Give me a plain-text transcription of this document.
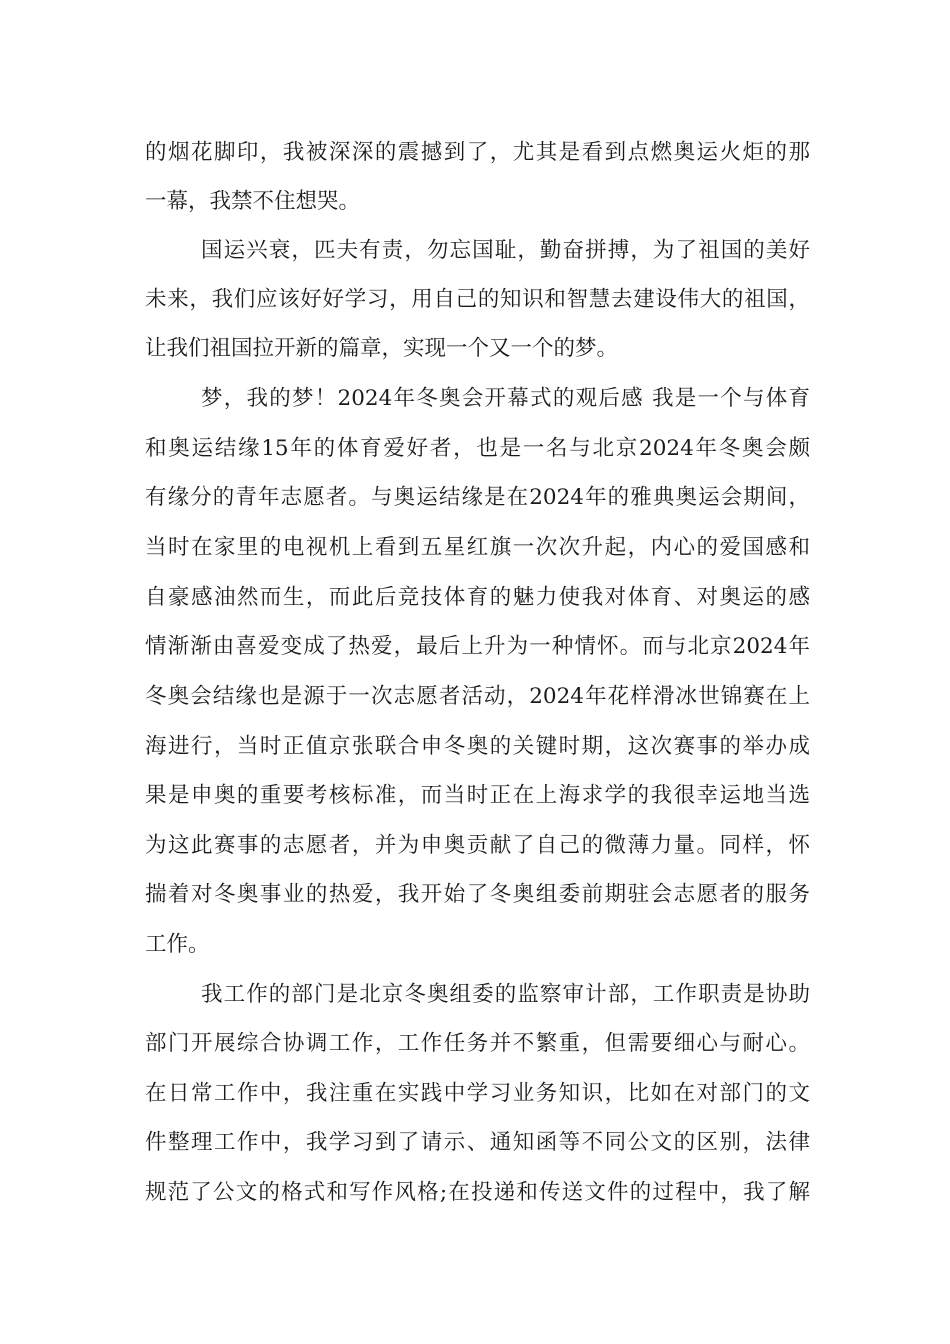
的烟花脚印，我被深深的震撼到了，尤其是看到点燃奥运火炬的那
一幕，我禁不住想哭。
国运兴衰，匹夫有责，勿忘国耻，勤奋拼搏，为了祖国的美好
未来，我们应该好好学习，用自己的知识和智慧去建设伟大的祖国，
让我们祖国拉开新的篇章，实现一个又一个的梦。
梦，我的梦！2024年冬奥会开幕式的观后感 我是一个与体育
和奥运结缘15年的体育爱好者，也是一名与北京2024年冬奥会颇
有缘分的青年志愿者。与奥运结缘是在2024年的雅典奥运会期间，
当时在家里的电视机上看到五星红旗一次次升起，内心的爱国感和
自豪感油然而生，而此后竞技体育的魅力使我对体育、对奥运的感
情渐渐由喜爱变成了热爱，最后上升为一种情怀。而与北京2024年
冬奥会结缘也是源于一次志愿者活动，2024年花样滑冰世锦赛在上
海进行，当时正值京张联合申冬奥的关键时期，这次赛事的举办成
果是申奥的重要考核标准，而当时正在上海求学的我很幸运地当选
为这此赛事的志愿者，并为申奥贡献了自己的微薄力量。同样，怀
揣着对冬奥事业的热爱，我开始了冬奥组委前期驻会志愿者的服务
工作。
我工作的部门是北京冬奥组委的监察审计部，工作职责是协助
部门开展综合协调工作，工作任务并不繁重，但需要细心与耐心。
在日常工作中，我注重在实践中学习业务知识，比如在对部门的文
件整理工作中，我学习到了请示、通知函等不同公文的区别，法律
规范了公文的格式和写作风格;在投递和传送文件的过程中，我了解
